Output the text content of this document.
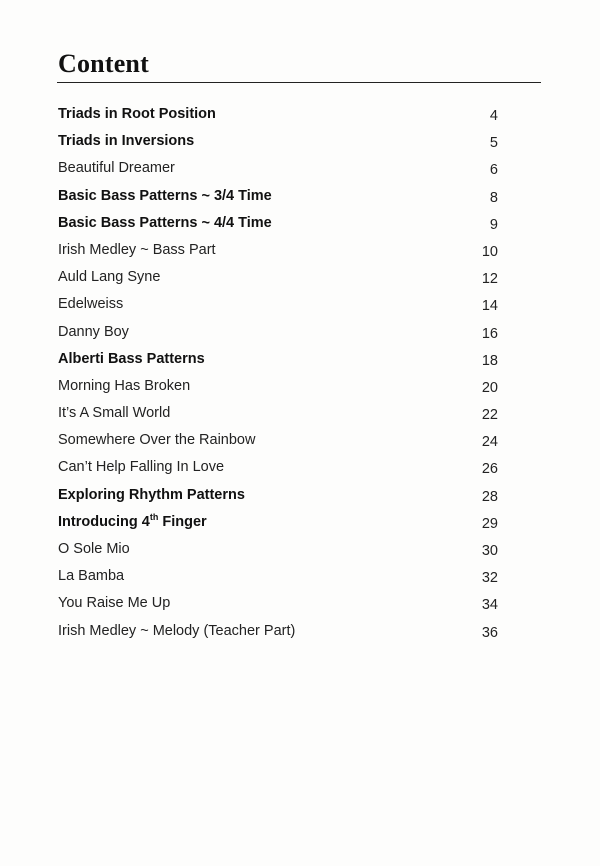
Content
Triads in Root Position	4
Triads in Inversions	5
Beautiful Dreamer	6
Basic Bass Patterns ~ 3/4 Time	8
Basic Bass Patterns ~ 4/4 Time	9
Irish Medley ~ Bass Part	10
Auld Lang Syne	12
Edelweiss	14
Danny Boy	16
Alberti Bass Patterns	18
Morning Has Broken	20
It’s A Small World	22
Somewhere Over the Rainbow	24
Can’t Help Falling In Love	26
Exploring Rhythm Patterns	28
Introducing 4th Finger	29
O Sole Mio	30
La Bamba	32
You Raise Me Up	34
Irish Medley ~ Melody (Teacher Part)	36
